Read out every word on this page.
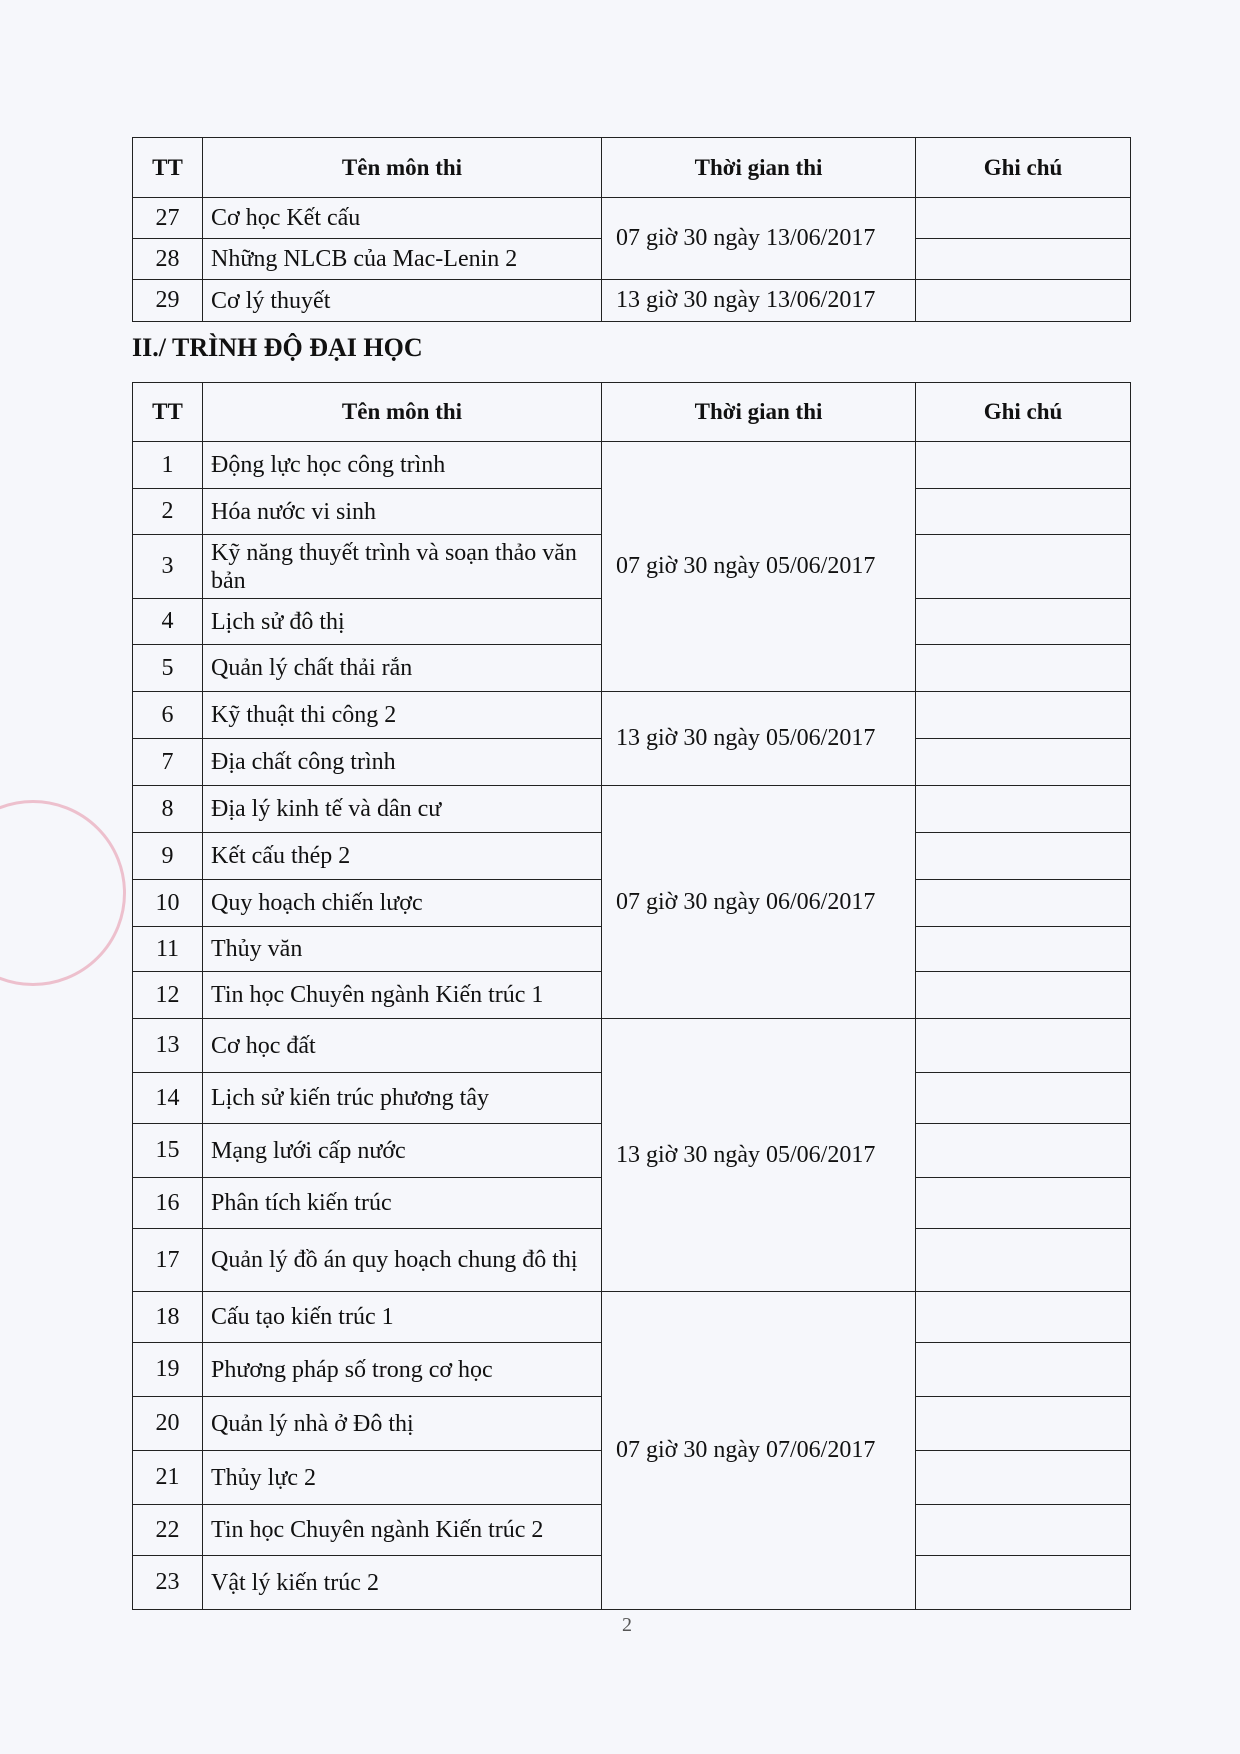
TT	Tên môn thi	Thời gian thi	Ghi chú
27	Cơ học Kết cấu	07 giờ 30 ngày 13/06/2017	
28	Những NLCB của Mac-Lenin 2		
29	Cơ lý thuyết	13 giờ 30 ngày 13/06/2017	
II./ TRÌNH ĐỘ ĐẠI HỌC
TT	Tên môn thi	Thời gian thi	Ghi chú
1	Động lực học công trình	07 giờ 30 ngày 05/06/2017	
2	Hóa nước vi sinh		
3	Kỹ năng thuyết trình và soạn thảo văn bản		
4	Lịch sử đô thị		
5	Quản lý chất thải rắn		
6	Kỹ thuật thi công 2	13 giờ 30 ngày 05/06/2017	
7	Địa chất công trình		
8	Địa lý kinh tế và dân cư	07 giờ 30 ngày 06/06/2017	
9	Kết cấu thép 2		
10	Quy hoạch chiến lược		
11	Thủy văn		
12	Tin học Chuyên ngành Kiến trúc 1		
13	Cơ học đất	13 giờ 30 ngày 05/06/2017	
14	Lịch sử kiến trúc phương tây		
15	Mạng lưới cấp nước		
16	Phân tích kiến trúc		
17	Quản lý đồ án quy hoạch chung đô thị		
18	Cấu tạo kiến trúc 1	07 giờ 30 ngày 07/06/2017	
19	Phương pháp số trong cơ học		
20	Quản lý nhà ở Đô thị		
21	Thủy lực 2		
22	Tin học Chuyên ngành Kiến trúc 2		
23	Vật lý kiến trúc 2		
2
